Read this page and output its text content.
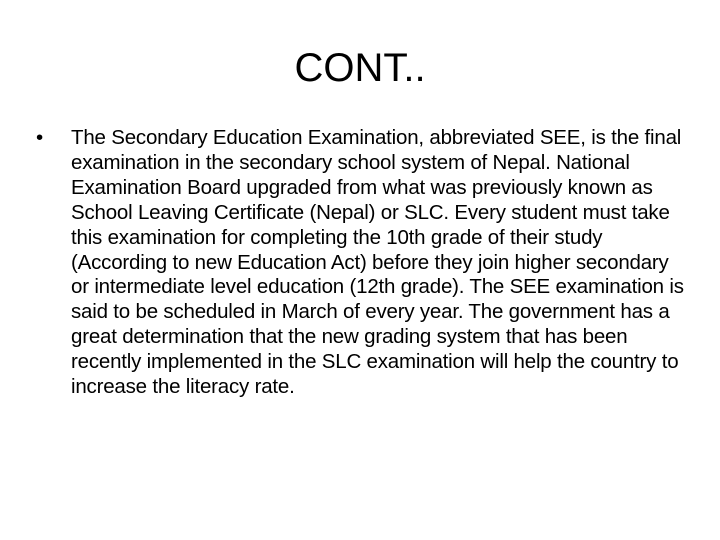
CONT..
•	The Secondary Education Examination, abbreviated SEE, is the final examination in the secondary school system of Nepal. National Examination Board upgraded from what was previously known as School Leaving Certificate (Nepal) or SLC. Every student must take this examination for completing the 10th grade of their study (According to new Education Act) before they join higher secondary or intermediate level education (12th grade). The SEE examination is said to be scheduled in March of every year. The government has a great determination that the new grading system that has been recently implemented in the SLC examination will help the country to increase the literacy rate.
